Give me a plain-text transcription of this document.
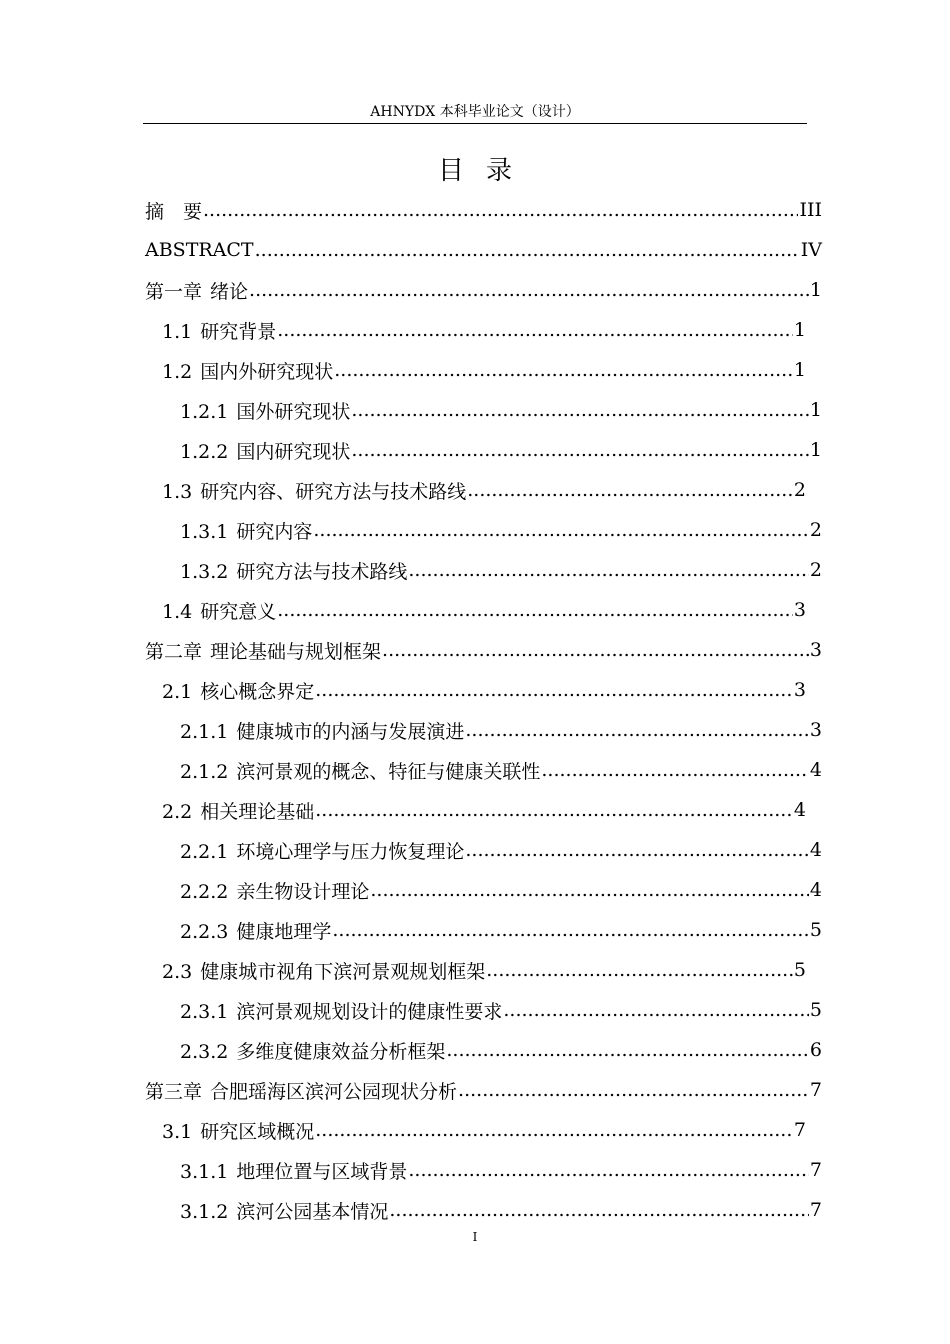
AHNYDX 本科毕业论文（设计）
目录
摘　要 .....	III
ABSTRACT .....	IV
第一章 绪论 .....	1
1.1 研究背景 .....	1
1.2 国内外研究现状 .....	1
1.2.1 国外研究现状 .....	1
1.2.2 国内研究现状 .....	1
1.3 研究内容、研究方法与技术路线 .....	2
1.3.1 研究内容 .....	2
1.3.2 研究方法与技术路线 .....	2
1.4 研究意义 .....	3
第二章 理论基础与规划框架 .....	3
2.1 核心概念界定 .....	3
2.1.1 健康城市的内涵与发展演进 .....	3
2.1.2 滨河景观的概念、特征与健康关联性 .....	4
2.2 相关理论基础 .....	4
2.2.1 环境心理学与压力恢复理论 .....	4
2.2.2 亲生物设计理论 .....	4
2.2.3 健康地理学 .....	5
2.3 健康城市视角下滨河景观规划框架 .....	5
2.3.1 滨河景观规划设计的健康性要求 .....	5
2.3.2 多维度健康效益分析框架 .....	6
第三章 合肥瑶海区滨河公园现状分析 .....	7
3.1 研究区域概况 .....	7
3.1.1 地理位置与区域背景 .....	7
3.1.2 滨河公园基本情况 .....	7
I
